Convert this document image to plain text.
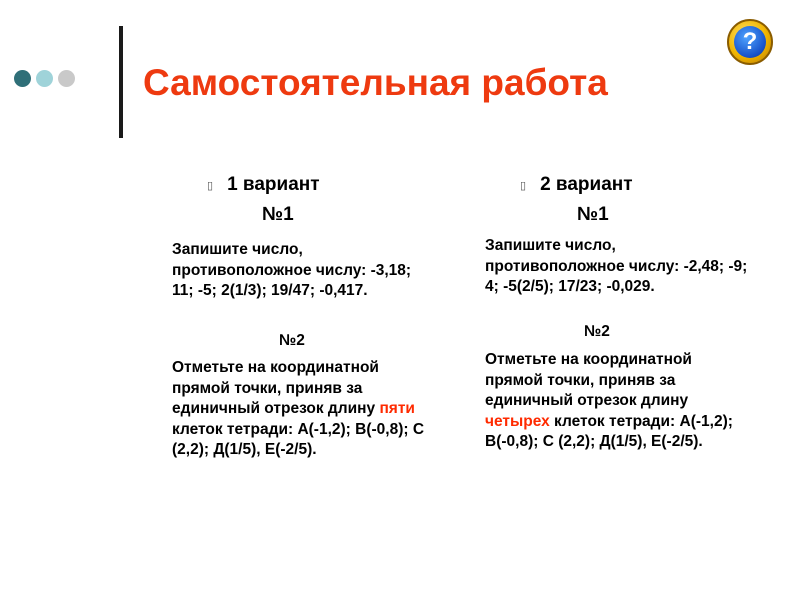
Самостоятельная работа
?
▯ 1 вариант
№1
Запишите число, противоположное числу: -3,18; 11; -5; 2(1/3); 19/47; -0,417.
№2
Отметьте на координатной прямой точки, приняв за единичный отрезок длину пяти клеток тетради: А(-1,2); В(-0,8); С (2,2); Д(1/5), Е(-2/5).
▯ 2 вариант
№1
Запишите число, противоположное числу: -2,48; -9; 4; -5(2/5); 17/23; -0,029.
№2
Отметьте на координатной прямой точки, приняв за единичный отрезок длину четырех клеток тетради: А(-1,2); В(-0,8); С (2,2); Д(1/5), Е(-2/5).
